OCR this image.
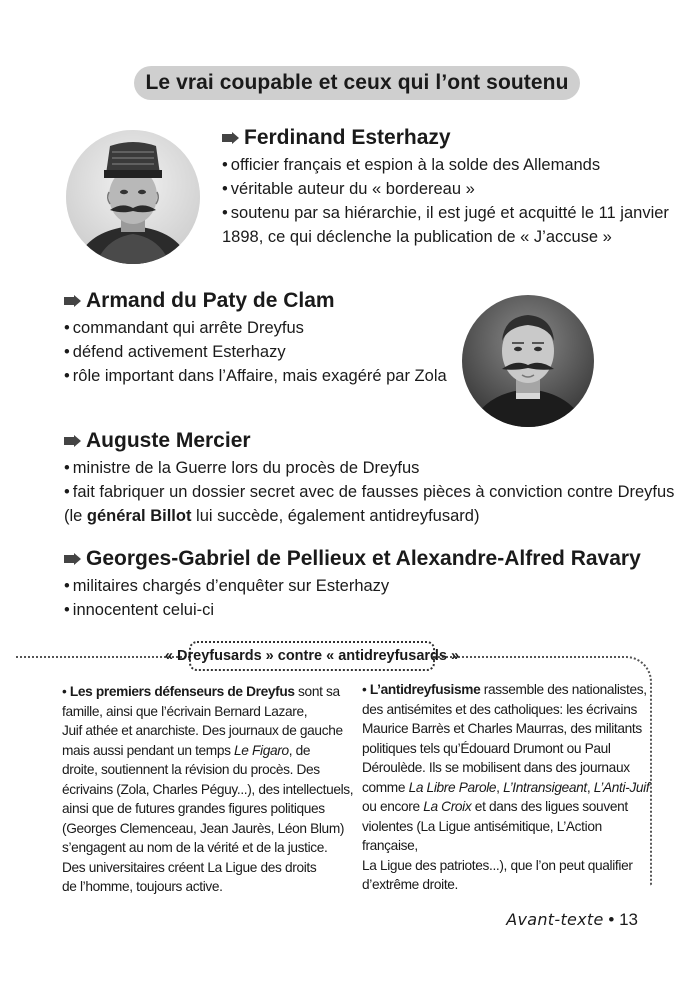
Le vrai coupable et ceux qui l’ont soutenu
Ferdinand Esterhazy
• officier français et espion à la solde des Allemands
• véritable auteur du « bordereau »
• soutenu par sa hiérarchie, il est jugé et acquitté le 11 janvier
1898, ce qui déclenche la publication de « J’accuse »
Armand du Paty de Clam
• commandant qui arrête Dreyfus
• défend activement Esterhazy
• rôle important dans l’Affaire, mais exagéré par Zola
Auguste Mercier
• ministre de la Guerre lors du procès de Dreyfus
• fait fabriquer un dossier secret avec de fausses pièces à conviction contre Dreyfus
(le général Billot lui succède, également antidreyfusard)
Georges-Gabriel de Pellieux et Alexandre-Alfred Ravary
• militaires chargés d’enquêter sur Esterhazy
• innocentent celui-ci
« Dreyfusards » contre « antidreyfusards »
• Les premiers défenseurs de Dreyfus sont sa
famille, ainsi que l’écrivain Bernard Lazare,
Juif athée et anarchiste. Des journaux de gauche
mais aussi pendant un temps Le Figaro, de
droite, soutiennent la révision du procès. Des
écrivains (Zola, Charles Péguy...), des intellectuels,
ainsi que de futures grandes figures politiques
(Georges Clemenceau, Jean Jaurès, Léon Blum)
s’engagent au nom de la vérité et de la justice.
Des universitaires créent La Ligue des droits
de l’homme, toujours active.
• L’antidreyfusisme rassemble des nationalistes,
des antisémites et des catholiques: les écrivains
Maurice Barrès et Charles Maurras, des militants
politiques tels qu’Édouard Drumont ou Paul
Déroulède. Ils se mobilisent dans des journaux
comme La Libre Parole, L’Intransigeant, L’Anti-Juif
ou encore La Croix et dans des ligues souvent
violentes (La Ligue antisémitique, L’Action
française,
La Ligue des patriotes...), que l’on peut qualifier
d’extrême droite.
Avant-texte • 13
